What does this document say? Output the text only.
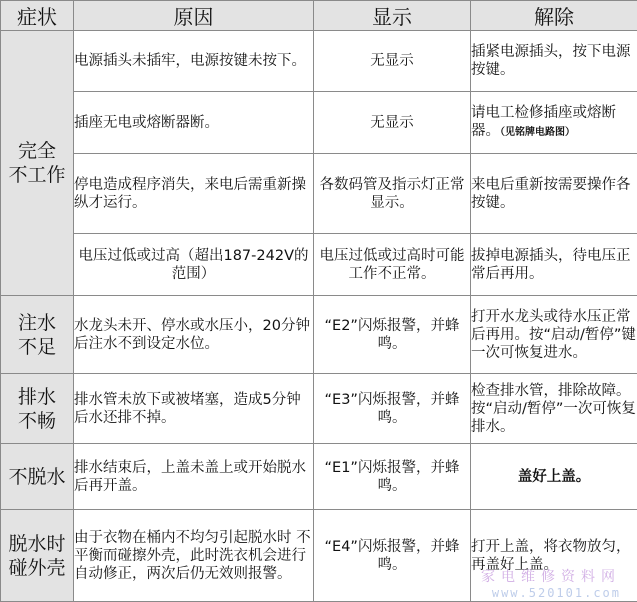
症状	原因	显示	解除

完全
不工作	电源插头未插牢，电源按键未按下。	无显示	插紧电源插头，按下电源按键。
	插座无电或熔断器断。	无显示	请电工检修插座或熔断器。（见铭牌电路图）
	停电造成程序消失，来电后需重新操纵才运行。	各数码管及指示灯正常显示。	来电后重新按需要操作各按键。
	电压过低或过高（超出187-242V的范围）	电压过低或过高时可能工作不正常。	拔掉电源插头，待电压正常后再用。

注水
不足	水龙头未开、停水或水压小，20分钟后注水不到设定水位。	“E2”闪烁报警，并蜂鸣。	打开水龙头或待水压正常后再用。按“启动/暂停”键一次可恢复进水。

排水
不畅	排水管未放下或被堵塞，造成5分钟后水还排不掉。	“E3”闪烁报警，并蜂鸣。	检查排水管，排除故障。按“启动/暂停”一次可恢复排水。

不脱水	排水结束后，上盖未盖上或开始脱水后再开盖。	“E1”闪烁报警，并蜂鸣。	盖好上盖。

脱水时
碰外壳	由于衣物在桶内不均匀引起脱水时 不平衡而碰擦外壳，此时洗衣机会进行自动修正，两次后仍无效则报警。	“E4”闪烁报警，并蜂鸣。	打开上盖，将衣物放匀，再盖好上盖。
家电维修资料网
www.520101.com
